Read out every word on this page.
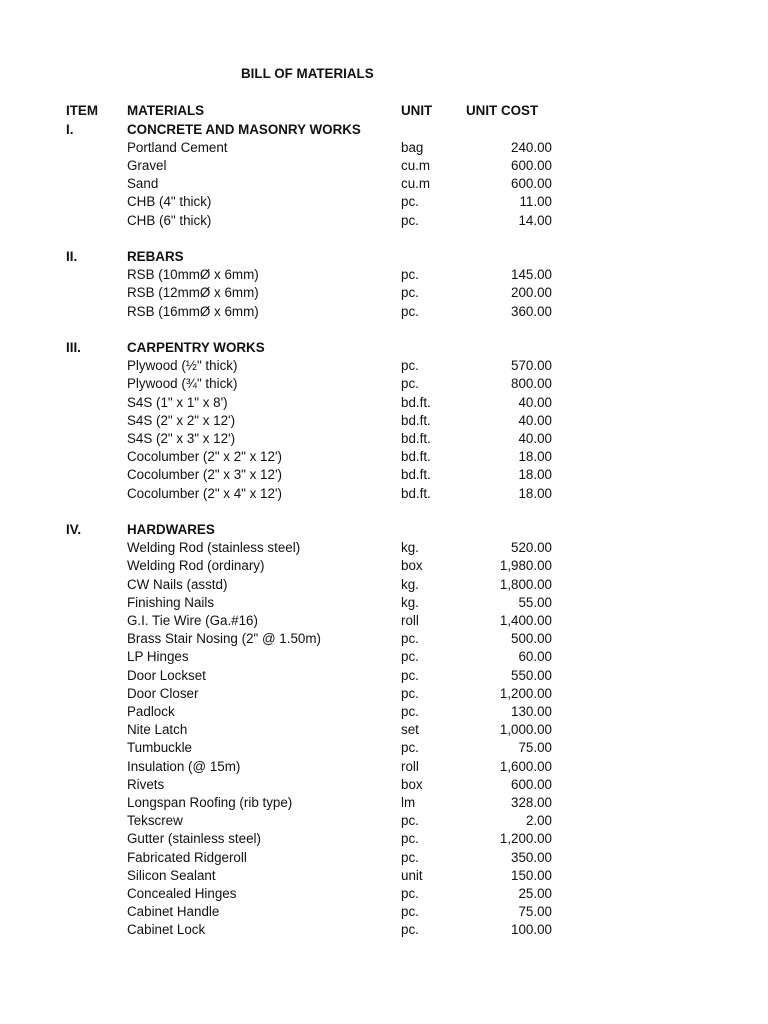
BILL OF MATERIALS
ITEM MATERIALS	UNIT	UNIT COST
I.	CONCRETE AND MASONRY WORKS
Portland Cement	bag	240.00
Gravel	cu.m	600.00
Sand	cu.m	600.00
CHB (4" thick)	pc.	11.00
CHB (6" thick)	pc.	14.00
II.	REBARS
RSB (10mmØ x 6mm)	pc.	145.00
RSB (12mmØ x 6mm)	pc.	200.00
RSB (16mmØ x 6mm)	pc.	360.00
III.	CARPENTRY WORKS
Plywood (½" thick)	pc.	570.00
Plywood (¾" thick)	pc.	800.00
S4S (1" x 1" x 8')	bd.ft.	40.00
S4S (2" x 2" x 12')	bd.ft.	40.00
S4S (2" x 3" x 12')	bd.ft.	40.00
Cocolumber (2" x 2" x 12')	bd.ft.	18.00
Cocolumber (2" x 3" x 12')	bd.ft.	18.00
Cocolumber (2" x 4" x 12')	bd.ft.	18.00
IV.	HARDWARES
Welding Rod (stainless steel)	kg.	520.00
Welding Rod (ordinary)	box	1,980.00
CW Nails (asstd)	kg.	1,800.00
Finishing Nails	kg.	55.00
G.I. Tie Wire (Ga.#16)	roll	1,400.00
Brass Stair Nosing (2" @ 1.50m)	pc.	500.00
LP Hinges	pc.	60.00
Door Lockset	pc.	550.00
Door Closer	pc.	1,200.00
Padlock	pc.	130.00
Nite Latch	set	1,000.00
Tumbuckle	pc.	75.00
Insulation (@ 15m)	roll	1,600.00
Rivets	box	600.00
Longspan Roofing (rib type)	lm	328.00
Tekscrew	pc.	2.00
Gutter (stainless steel)	pc.	1,200.00
Fabricated Ridgeroll	pc.	350.00
Silicon Sealant	unit	150.00
Concealed Hinges	pc.	25.00
Cabinet Handle	pc.	75.00
Cabinet Lock	pc.	100.00
